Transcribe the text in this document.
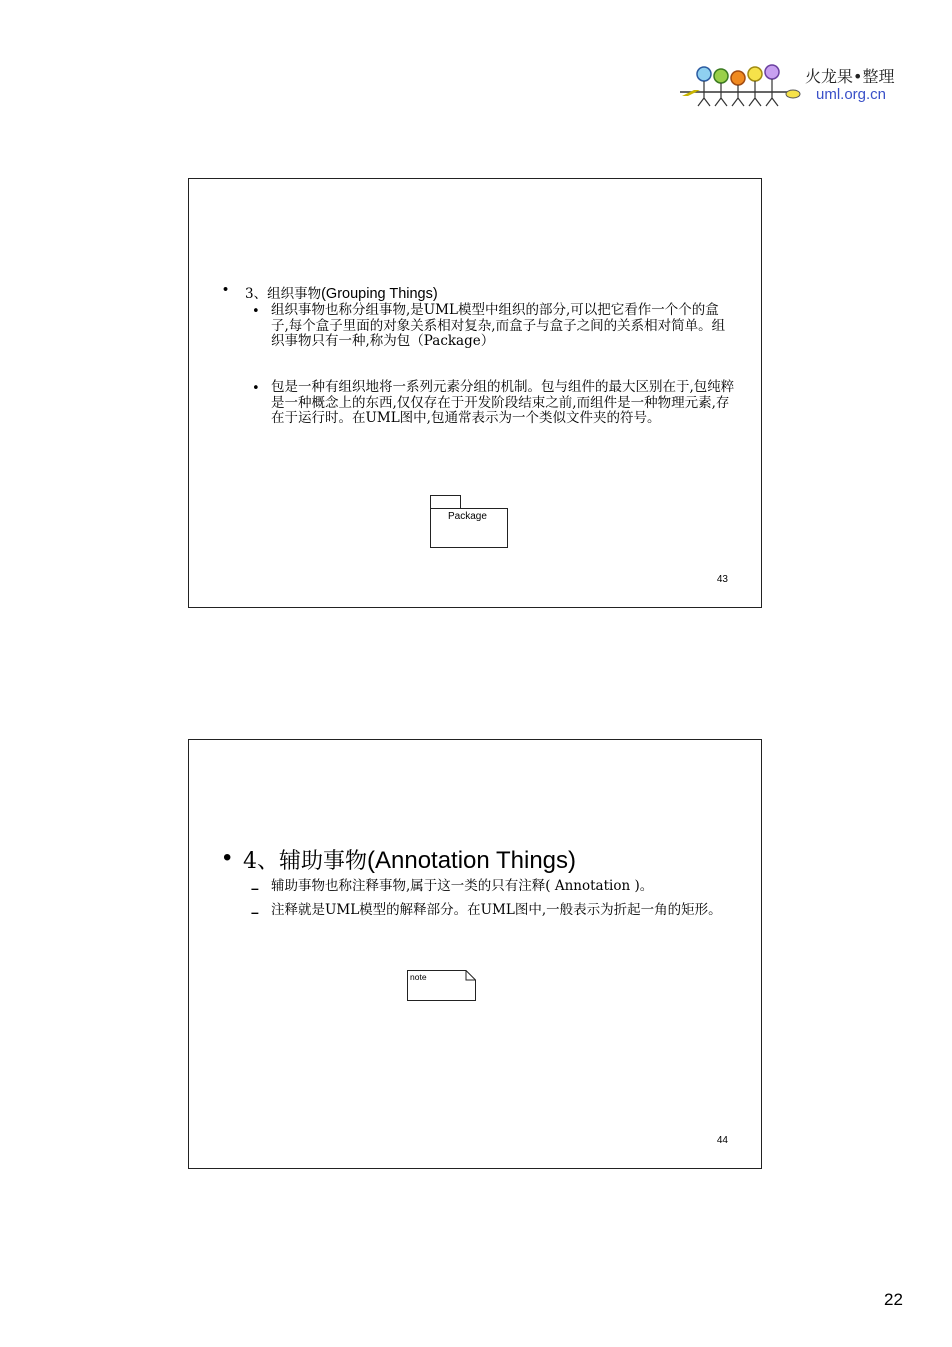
火龙果•整理
uml.org.cn
• 3、组织事物(Grouping Things)
• 组织事物也称分组事物,是UML模型中组织的部分,可以把它看作一个个的盒子,每个盒子里面的对象关系相对复杂,而盒子与盒子之间的关系相对简单。组织事物只有一种,称为包（Package）
• 包是一种有组织地将一系列元素分组的机制。包与组件的最大区别在于,包纯粹是一种概念上的东西,仅仅存在于开发阶段结束之前,而组件是一种物理元素,存在于运行时。在UML图中,包通常表示为一个类似文件夹的符号。
Package
43
• 4、辅助事物(Annotation Things)
– 辅助事物也称注释事物,属于这一类的只有注释( Annotation )。
– 注释就是UML模型的解释部分。在UML图中,一般表示为折起一角的矩形。
note
44
22
